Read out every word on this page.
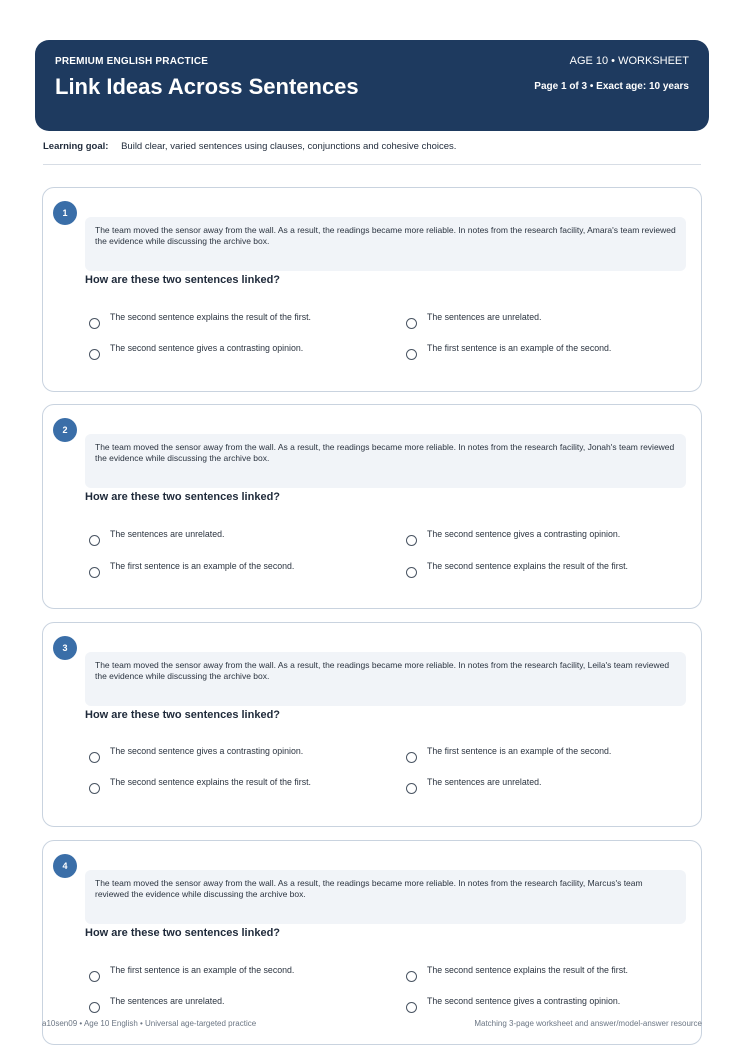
PREMIUM ENGLISH PRACTICE
Link Ideas Across Sentences
AGE 10 • WORKSHEET
Page 1 of 3 • Exact age: 10 years
Learning goal: Build clear, varied sentences using clauses, conjunctions and cohesive choices.
1
The team moved the sensor away from the wall. As a result, the readings became more reliable. In notes from the research facility, Amara's team reviewed the evidence while discussing the archive box.
How are these two sentences linked?
The second sentence explains the result of the first.	The sentences are unrelated.
The second sentence gives a contrasting opinion.	The first sentence is an example of the second.
2
The team moved the sensor away from the wall. As a result, the readings became more reliable. In notes from the research facility, Jonah's team reviewed the evidence while discussing the archive box.
How are these two sentences linked?
The sentences are unrelated.	The second sentence gives a contrasting opinion.
The first sentence is an example of the second.	The second sentence explains the result of the first.
3
The team moved the sensor away from the wall. As a result, the readings became more reliable. In notes from the research facility, Leila's team reviewed the evidence while discussing the archive box.
How are these two sentences linked?
The second sentence gives a contrasting opinion.	The first sentence is an example of the second.
The second sentence explains the result of the first.	The sentences are unrelated.
4
The team moved the sensor away from the wall. As a result, the readings became more reliable. In notes from the research facility, Marcus's team reviewed the evidence while discussing the archive box.
How are these two sentences linked?
The first sentence is an example of the second.	The second sentence explains the result of the first.
The sentences are unrelated.	The second sentence gives a contrasting opinion.
a10sen09 • Age 10 English • Universal age-targeted practice	Matching 3-page worksheet and answer/model-answer resource
